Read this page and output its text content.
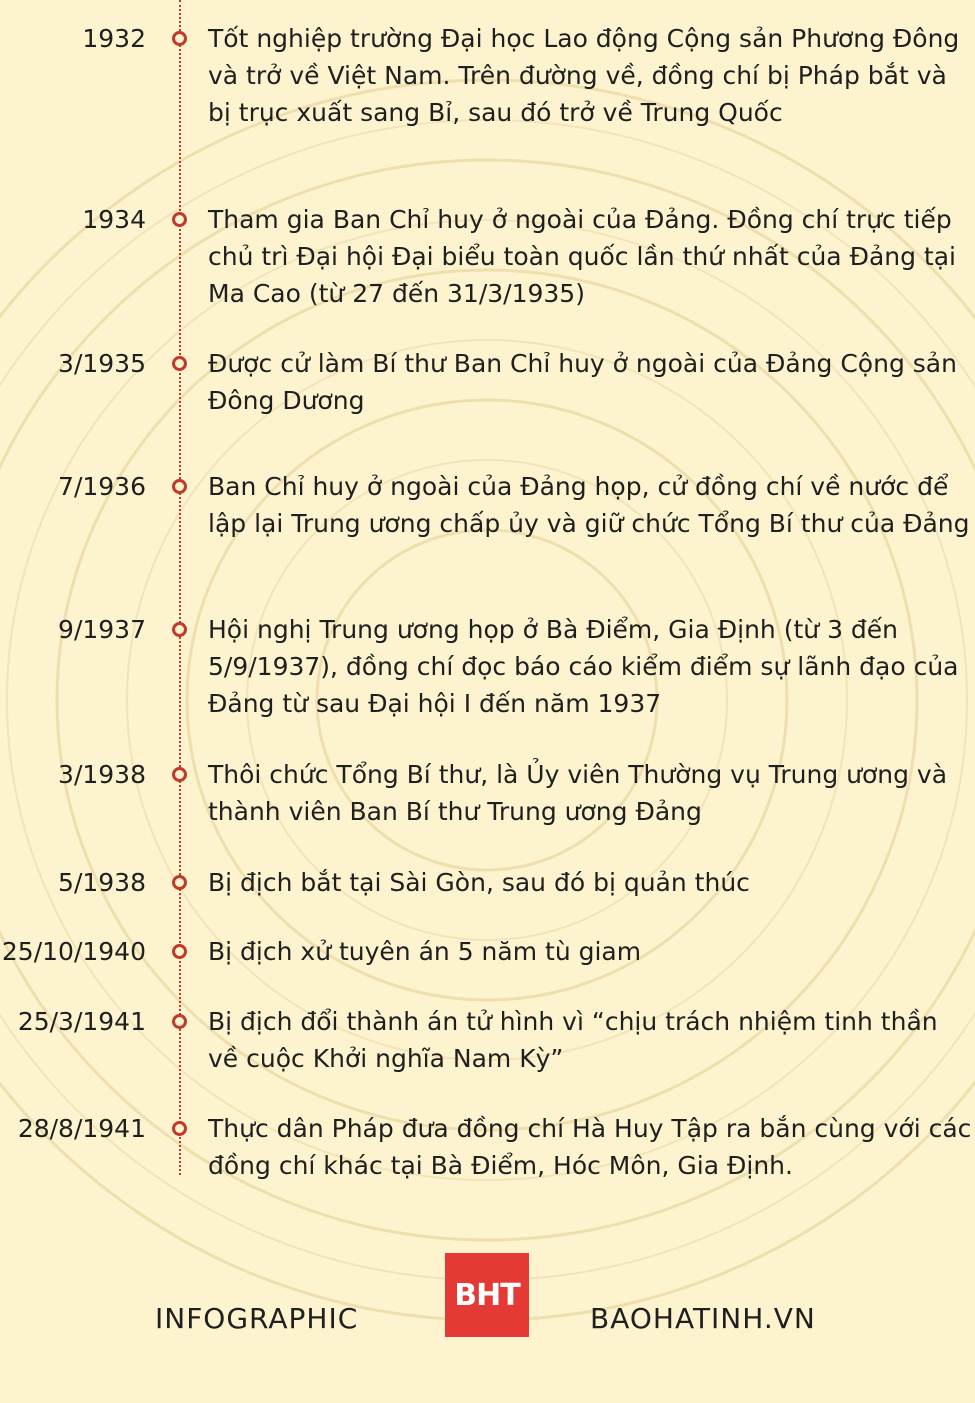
1932 Tốt nghiệp trường Đại học Lao động Cộng sản Phương Đông và trở về Việt Nam. Trên đường về, đồng chí bị Pháp bắt và bị trục xuất sang Bỉ, sau đó trở về Trung Quốc

1934 Tham gia Ban Chỉ huy ở ngoài của Đảng. Đồng chí trực tiếp chủ trì Đại hội Đại biểu toàn quốc lần thứ nhất của Đảng tại Ma Cao (từ 27 đến 31/3/1935)

3/1935 Được cử làm Bí thư Ban Chỉ huy ở ngoài của Đảng Cộng sản Đông Dương

7/1936 Ban Chỉ huy ở ngoài của Đảng họp, cử đồng chí về nước để lập lại Trung ương chấp ủy và giữ chức Tổng Bí thư của Đảng

9/1937 Hội nghị Trung ương họp ở Bà Điểm, Gia Định (từ 3 đến 5/9/1937), đồng chí đọc báo cáo kiểm điểm sự lãnh đạo của Đảng từ sau Đại hội I đến năm 1937

3/1938 Thôi chức Tổng Bí thư, là Ủy viên Thường vụ Trung ương và thành viên Ban Bí thư Trung ương Đảng

5/1938 Bị địch bắt tại Sài Gòn, sau đó bị quản thúc

25/10/1940 Bị địch xử tuyên án 5 năm tù giam

25/3/1941 Bị địch đổi thành án tử hình vì “chịu trách nhiệm tinh thần về cuộc Khởi nghĩa Nam Kỳ”

28/8/1941 Thực dân Pháp đưa đồng chí Hà Huy Tập ra bắn cùng với các đồng chí khác tại Bà Điểm, Hóc Môn, Gia Định.

INFOGRAPHIC
BHT
BAOHATINH.VN
